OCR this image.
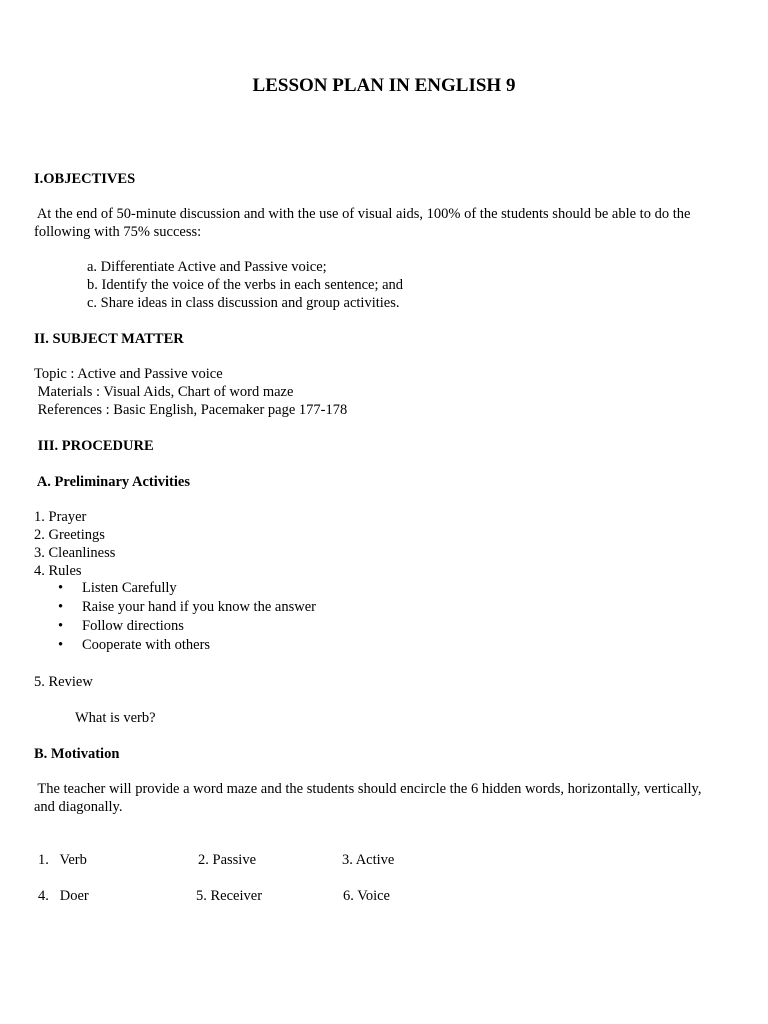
LESSON PLAN IN ENGLISH 9
I.OBJECTIVES
At the end of 50-minute discussion and with the use of visual aids, 100% of the students should be able to do the
following with 75% success:
a. Differentiate Active and Passive voice;
b. Identify the voice of the verbs in each sentence; and
c. Share ideas in class discussion and group activities.
II. SUBJECT MATTER
Topic : Active and Passive voice
Materials : Visual Aids, Chart of word maze
References : Basic English, Pacemaker page 177-178
III. PROCEDURE
A. Preliminary Activities
1. Prayer
2. Greetings
3. Cleanliness
4. Rules
• Listen Carefully
• Raise your hand if you know the answer
• Follow directions
• Cooperate with others
5. Review
What is verb?
B. Motivation
The teacher will provide a word maze and the students should encircle the 6 hidden words, horizontally, vertically,
and diagonally.
1.   Verb	2. Passive	3. Active
4.   Doer	5. Receiver	6. Voice
